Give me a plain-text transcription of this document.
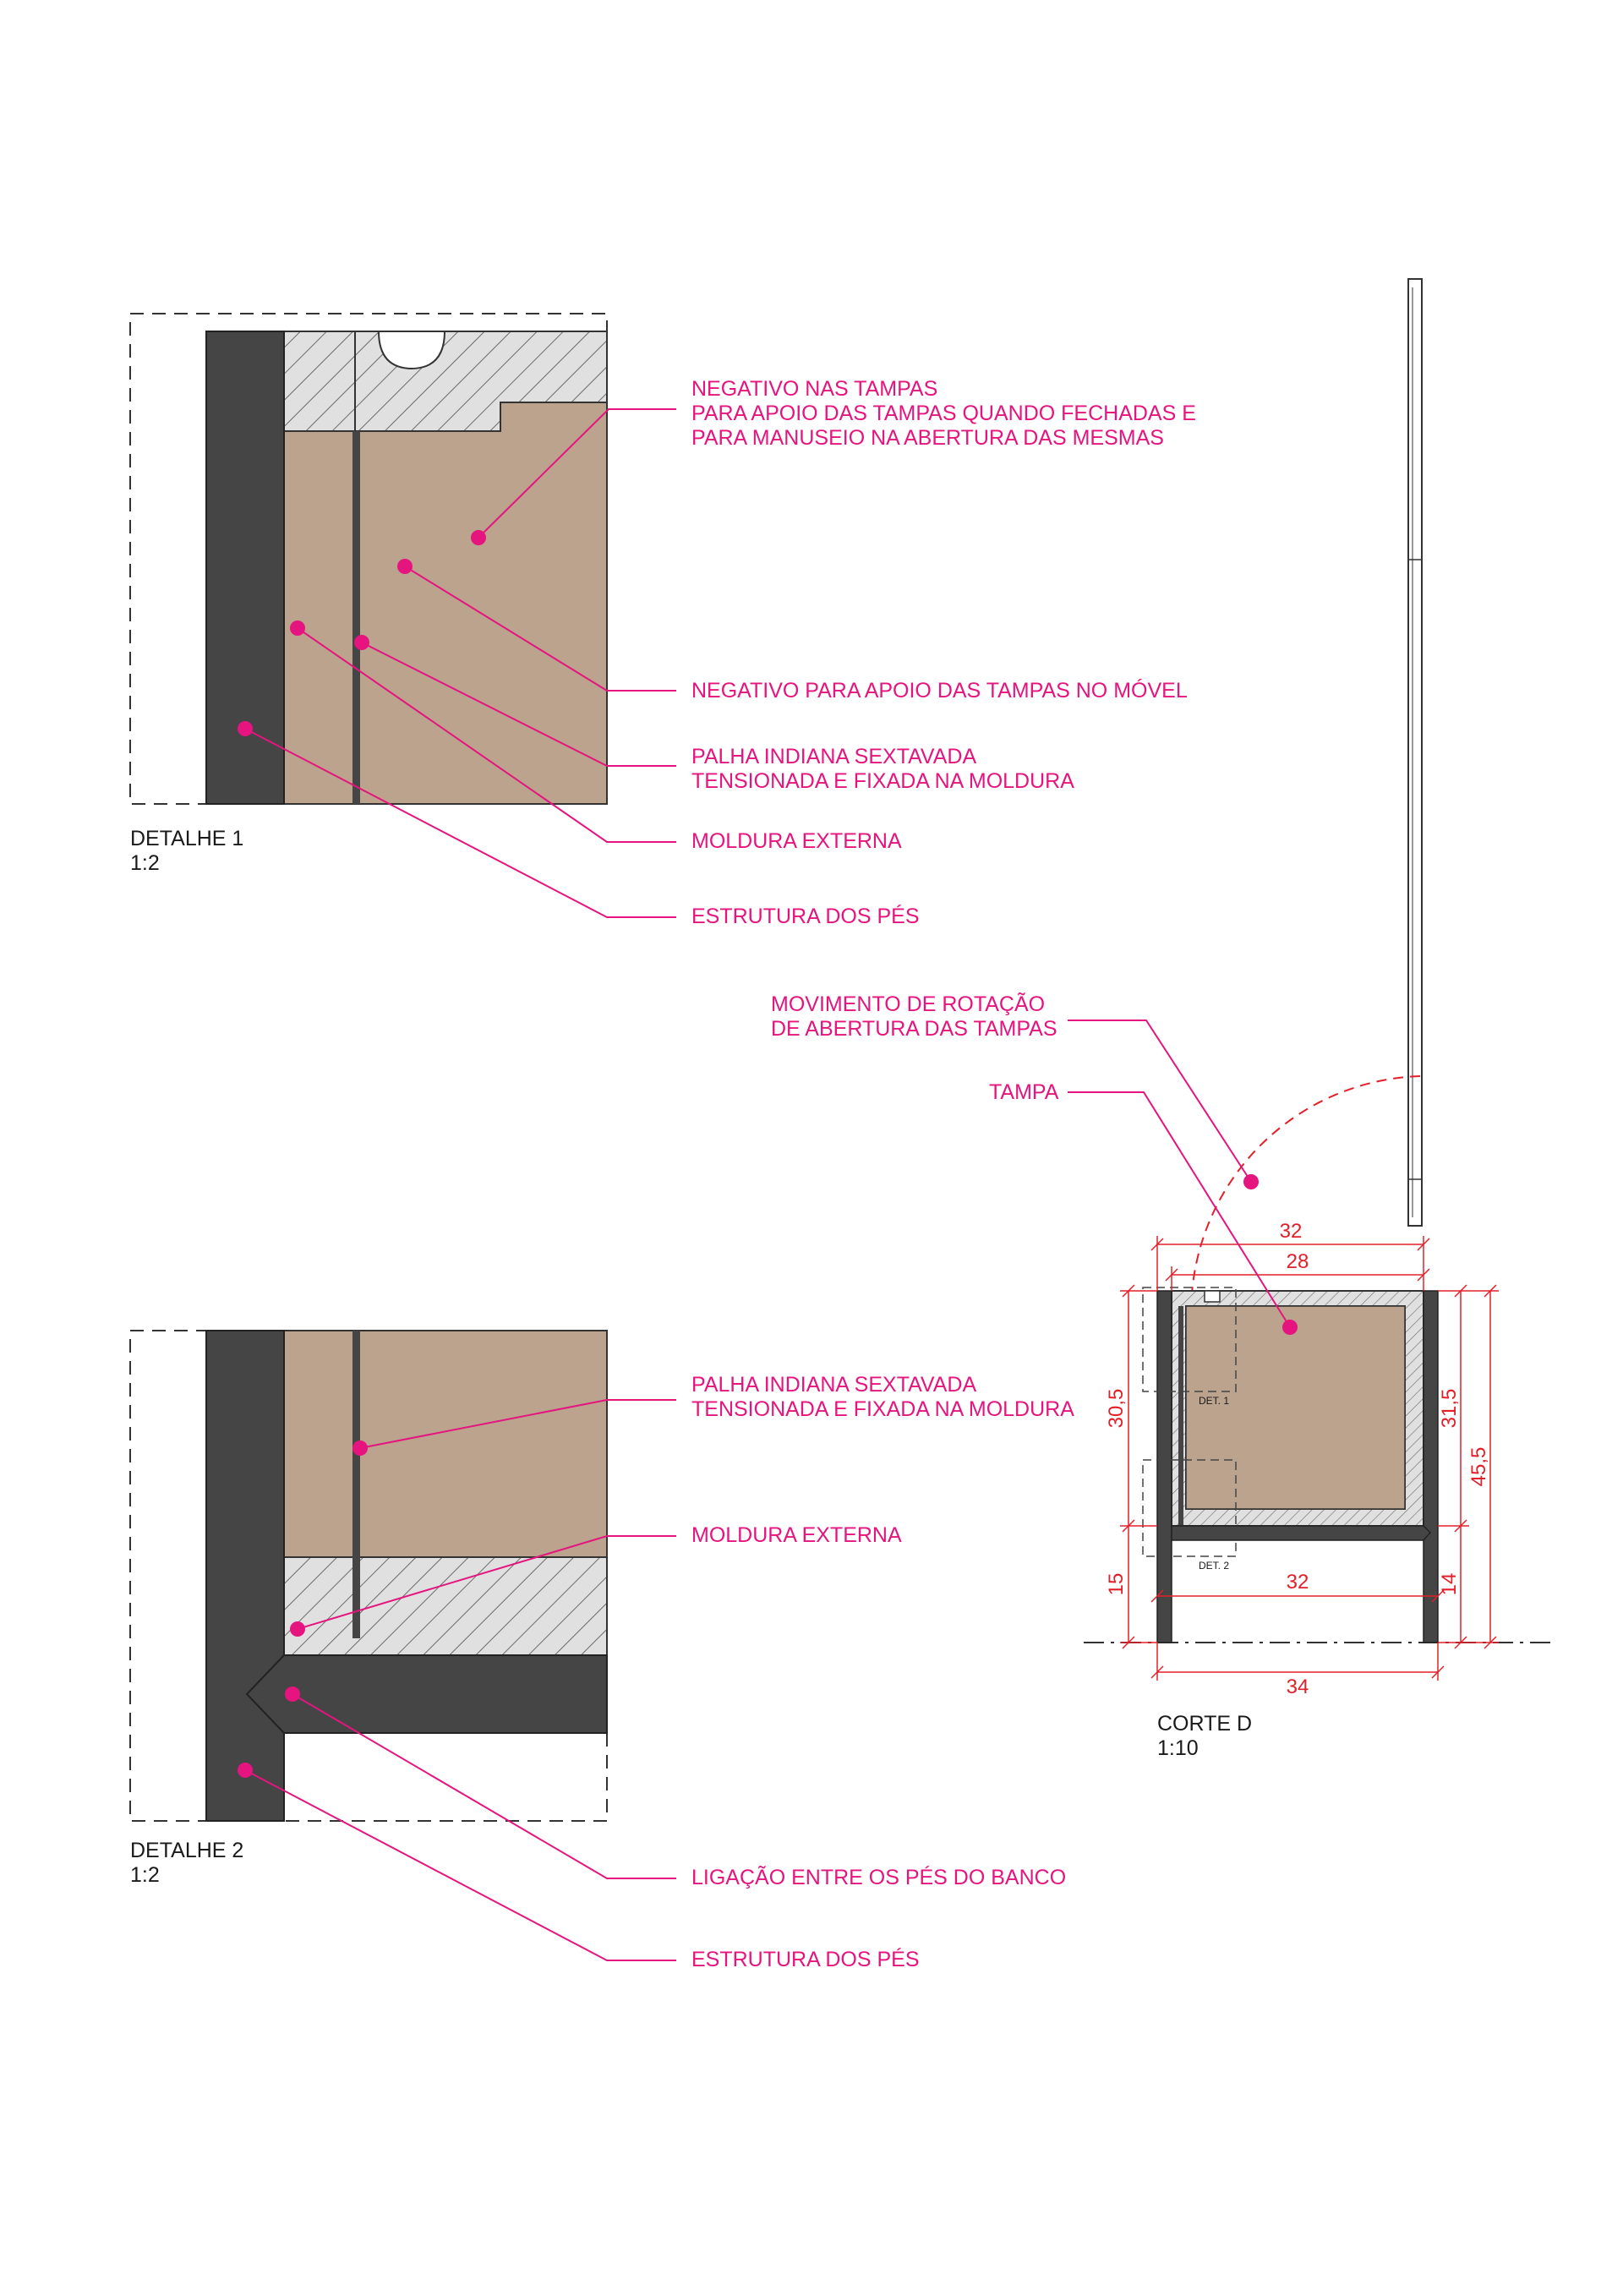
NEGATIVO NAS TAMPAS
PARA APOIO DAS TAMPAS QUANDO FECHADAS E
PARA MANUSEIO NA ABERTURA DAS MESMAS
NEGATIVO PARA APOIO DAS TAMPAS NO MÓVEL
PALHA INDIANA SEXTAVADA
TENSIONADA E FIXADA NA MOLDURA
MOLDURA EXTERNA
ESTRUTURA DOS PÉS
DETALHE 1
1:2
PALHA INDIANA SEXTAVADA
TENSIONADA E FIXADA NA MOLDURA
MOLDURA EXTERNA
LIGAÇÃO ENTRE OS PÉS DO BANCO
ESTRUTURA DOS PÉS
DETALHE 2
1:2
DET. 1
DET. 2
32
28
32
34
30,5
15
31,5
45,5
14
MOVIMENTO DE ROTAÇÃO
DE ABERTURA DAS TAMPAS
TAMPA
CORTE D
1:10
